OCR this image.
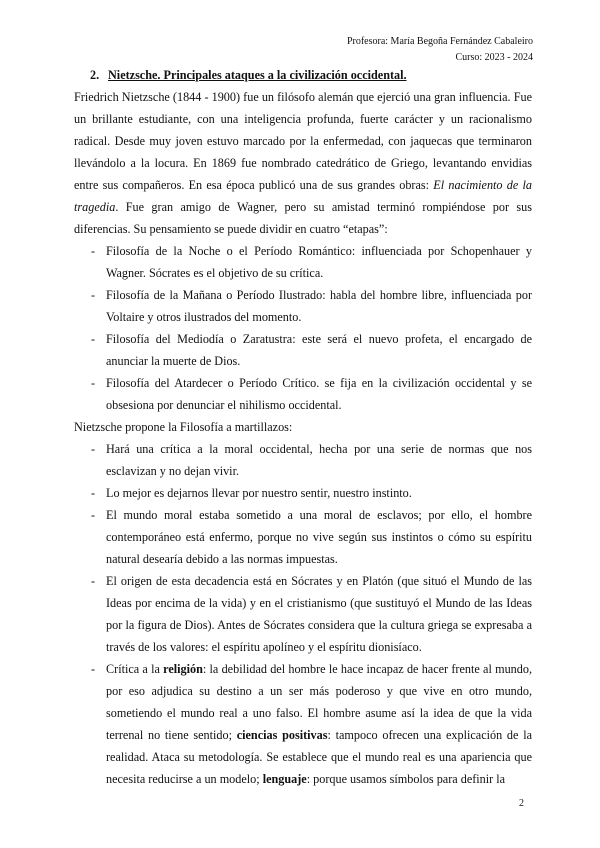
Profesora: María Begoña Fernández Cabaleiro
Curso: 2023 - 2024
2. Nietzsche. Principales ataques a la civilización occidental.

Friedrich Nietzsche (1844 - 1900) fue un filósofo alemán que ejerció una gran influencia. Fue un brillante estudiante, con una inteligencia profunda, fuerte carácter y un racionalismo radical. Desde muy joven estuvo marcado por la enfermedad, con jaquecas que terminaron llevándolo a la locura. En 1869 fue nombrado catedrático de Griego, levantando envidias entre sus compañeros. En esa época publicó una de sus grandes obras: El nacimiento de la tragedia. Fue gran amigo de Wagner, pero su amistad terminó rompiéndose por sus diferencias. Su pensamiento se puede dividir en cuatro “etapas”:

- Filosofía de la Noche o el Período Romántico: influenciada por Schopenhauer y Wagner. Sócrates es el objetivo de su crítica.
- Filosofía de la Mañana o Período Ilustrado: habla del hombre libre, influenciada por Voltaire y otros ilustrados del momento.
- Filosofía del Mediodía o Zaratustra: este será el nuevo profeta, el encargado de anunciar la muerte de Dios.
- Filosofía del Atardecer o Período Crítico. se fija en la civilización occidental y se obsesiona por denunciar el nihilismo occidental.

Nietzsche propone la Filosofía a martillazos:

- Hará una crítica a la moral occidental, hecha por una serie de normas que nos esclavizan y no dejan vivir.
- Lo mejor es dejarnos llevar por nuestro sentir, nuestro instinto.
- El mundo moral estaba sometido a una moral de esclavos; por ello, el hombre contemporáneo está enfermo, porque no vive según sus instintos o cómo su espíritu natural desearía debido a las normas impuestas.
- El origen de esta decadencia está en Sócrates y en Platón (que situó el Mundo de las Ideas por encima de la vida) y en el cristianismo (que sustituyó el Mundo de las Ideas por la figura de Dios). Antes de Sócrates considera que la cultura griega se expresaba a través de los valores: el espíritu apolíneo y el espíritu dionisíaco.
- Crítica a la religión: la debilidad del hombre le hace incapaz de hacer frente al mundo, por eso adjudica su destino a un ser más poderoso y que vive en otro mundo, sometiendo el mundo real a uno falso. El hombre asume así la idea de que la vida terrenal no tiene sentido; ciencias positivas: tampoco ofrecen una explicación de la realidad. Ataca su metodología. Se establece que el mundo real es una apariencia que necesita reducirse a un modelo; lenguaje: porque usamos símbolos para definir la
2
